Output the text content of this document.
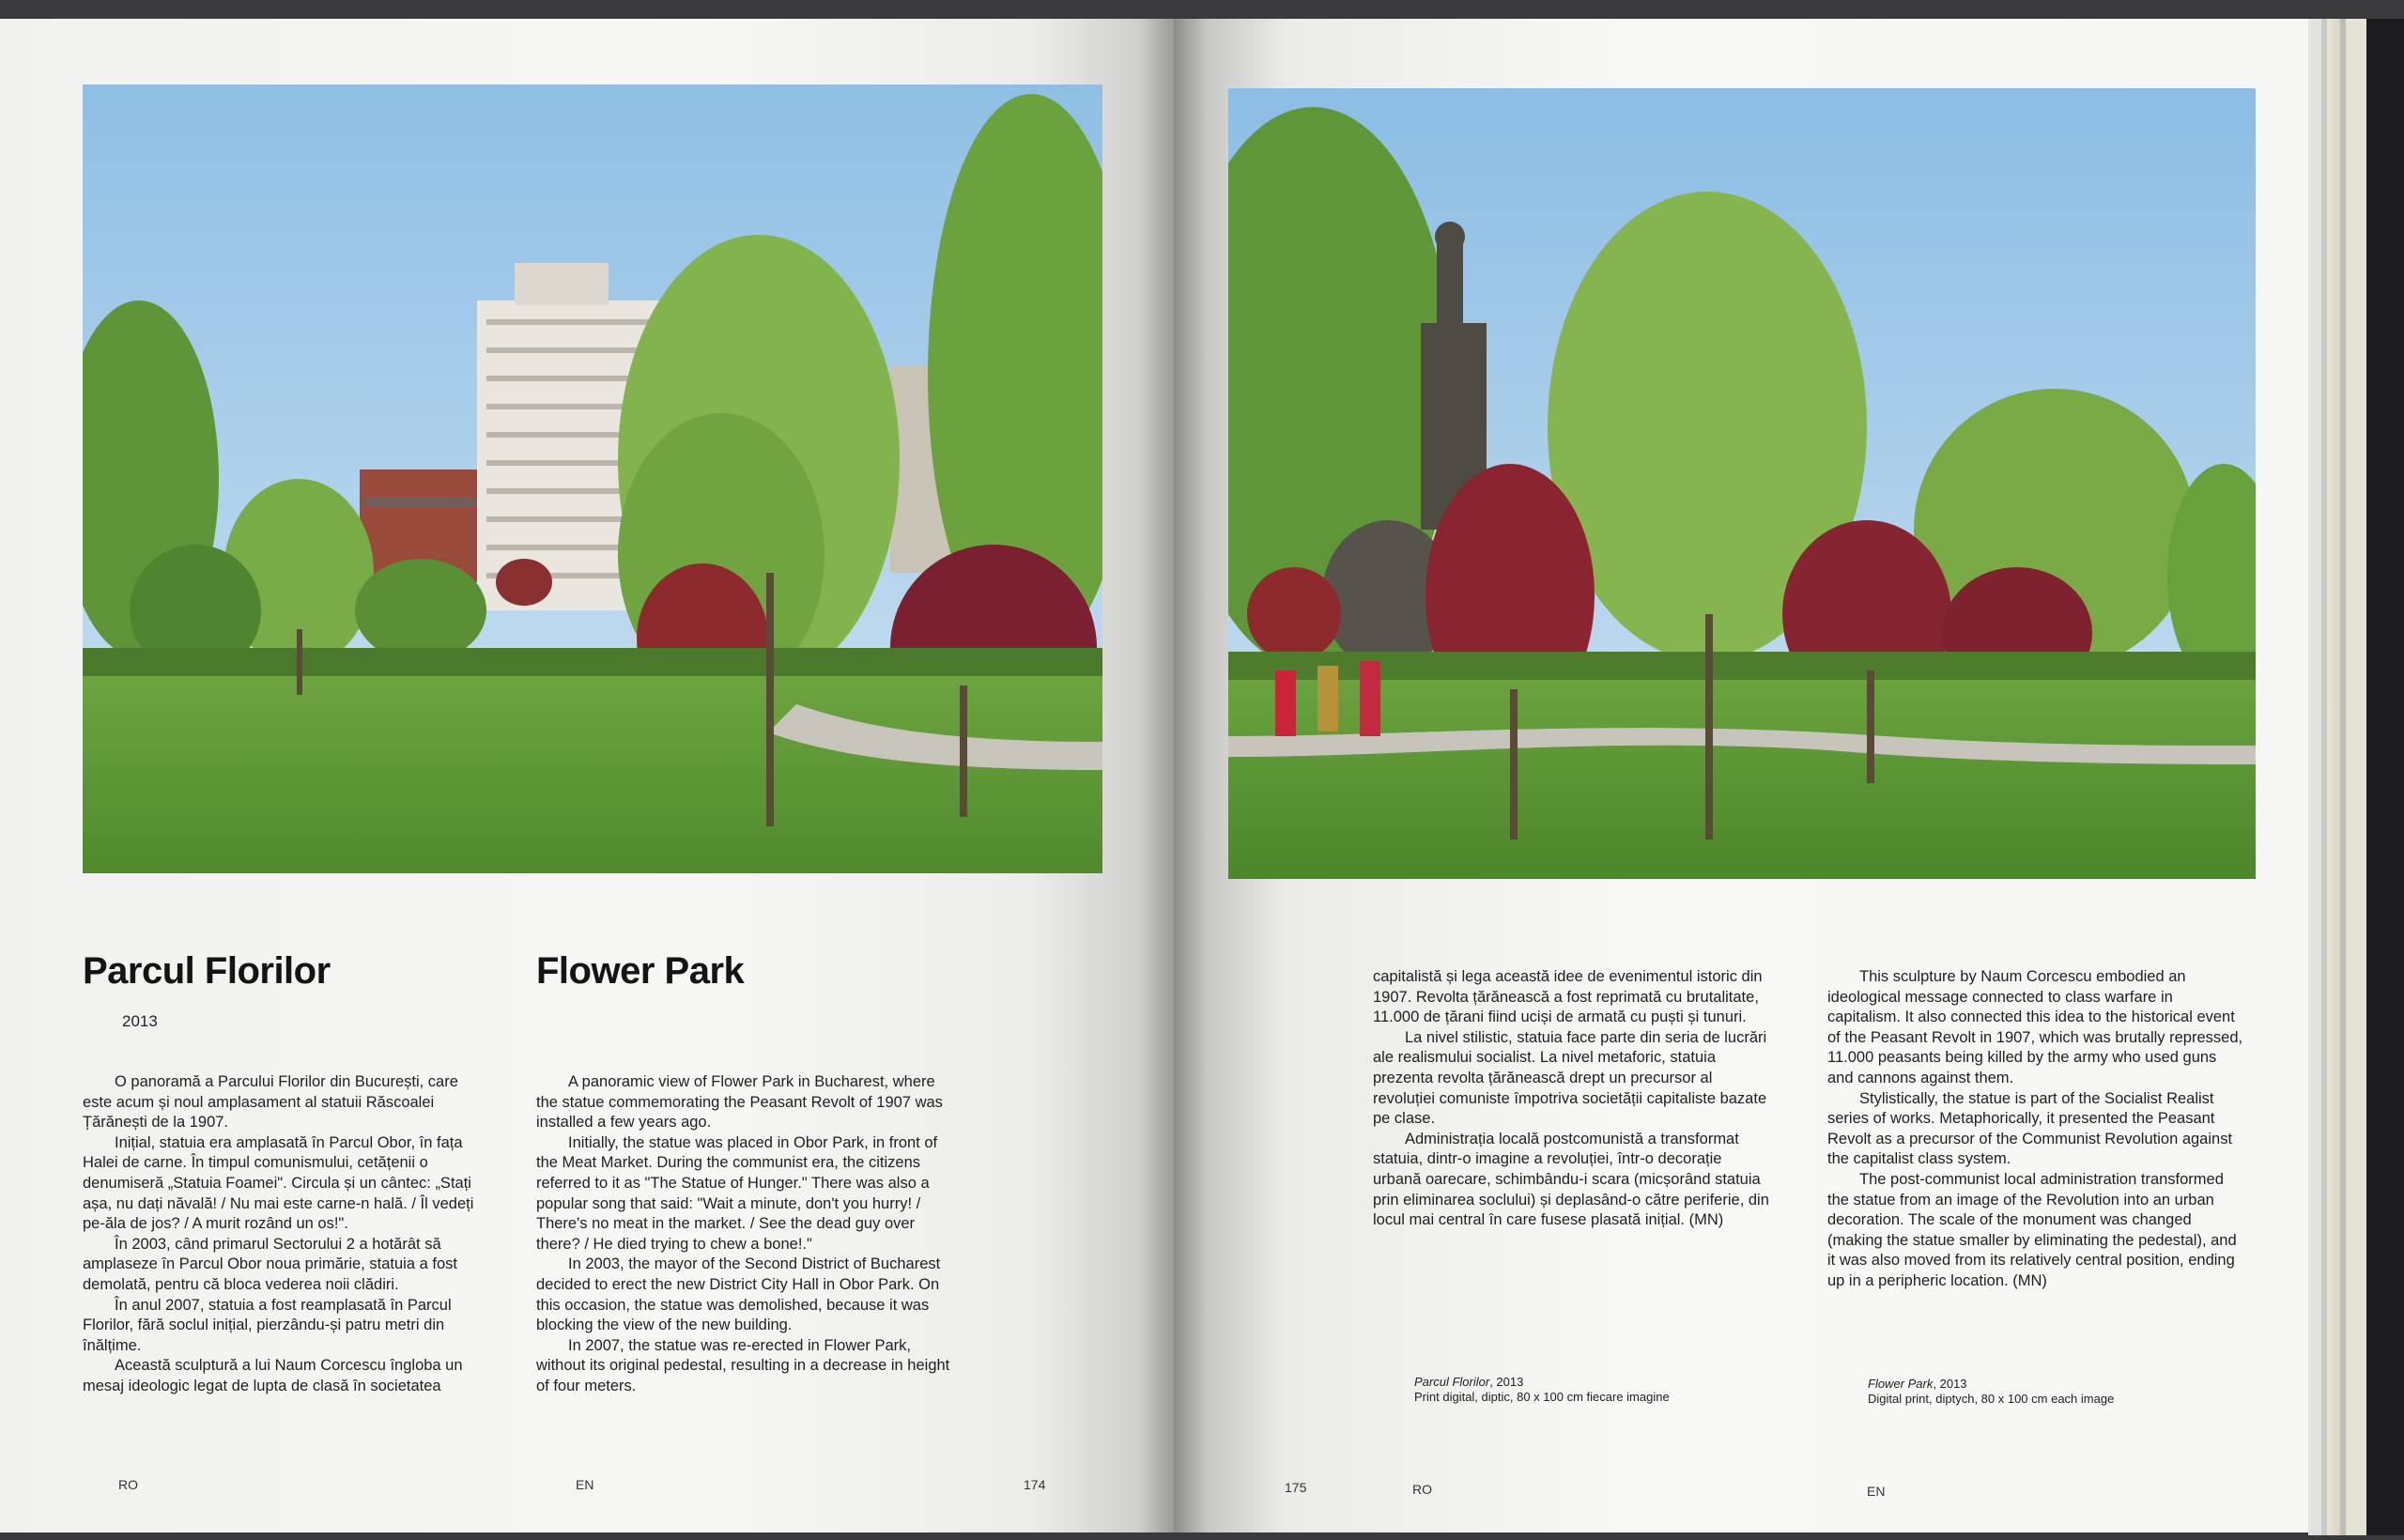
Parcul Florilor
2013
Flower Park

O panoramă a Parcului Florilor din București, care este acum și noul amplasament al statuii Răscoalei Țărănești de la 1907.

Inițial, statuia era amplasată în Parcul Obor, în fața Halei de carne. În timpul comunismului, cetățenii o denumiseră „Statuia Foamei". Circula și un cântec: „Stați așa, nu dați năvală! / Nu mai este carne-n hală. / Îl vedeți pe-ăla de jos? / A murit rozând un os!".

În 2003, când primarul Sectorului 2 a hotărât să amplaseze în Parcul Obor noua primărie, statuia a fost demolată, pentru că bloca vederea noii clădiri.

În anul 2007, statuia a fost reamplasată în Parcul Florilor, fără soclul inițial, pierzându-și patru metri din înălțime.

Această sculptură a lui Naum Corcescu îngloba un mesaj ideologic legat de lupta de clasă în societatea

A panoramic view of Flower Park in Bucharest, where the statue commemorating the Peasant Revolt of 1907 was installed a few years ago.

Initially, the statue was placed in Obor Park, in front of the Meat Market. During the communist era, the citizens referred to it as "The Statue of Hunger." There was also a popular song that said: "Wait a minute, don't you hurry! / There's no meat in the market. / See the dead guy over there? / He died trying to chew a bone!."

In 2003, the mayor of the Second District of Bucharest decided to erect the new District City Hall in Obor Park. On this occasion, the statue was demolished, because it was blocking the view of the new building.

In 2007, the statue was re-erected in Flower Park, without its original pedestal, resulting in a decrease in height of four meters.

RO	EN	174

capitalistă și lega această idee de evenimentul istoric din 1907. Revolta țărănească a fost reprimată cu brutalitate, 11.000 de țărani fiind uciși de armată cu puști și tunuri.

La nivel stilistic, statuia face parte din seria de lucrări ale realismului socialist. La nivel metaforic, statuia prezenta revolta țărănească drept un precursor al revoluției comuniste împotriva societății capitaliste bazate pe clase.

Administrația locală postcomunistă a transformat statuia, dintr-o imagine a revoluției, într-o decorație urbană oarecare, schimbându-i scara (micșorând statuia prin eliminarea soclului) și deplasând-o către periferie, din locul mai central în care fusese plasată inițial. (MN)

This sculpture by Naum Corcescu embodied an ideological message connected to class warfare in capitalism. It also connected this idea to the historical event of the Peasant Revolt in 1907, which was brutally repressed, 11.000 peasants being killed by the army who used guns and cannons against them.

Stylistically, the statue is part of the Socialist Realist series of works. Metaphorically, it presented the Peasant Revolt as a precursor of the Communist Revolution against the capitalist class system.

The post-communist local administration transformed the statue from an image of the Revolution into an urban decoration. The scale of the monument was changed (making the statue smaller by eliminating the pedestal), and it was also moved from its relatively central position, ending up in a peripheric location. (MN)

Parcul Florilor, 2013
Print digital, diptic, 80 x 100 cm fiecare imagine
Flower Park, 2013
Digital print, diptych, 80 x 100 cm each image
175	RO	EN
